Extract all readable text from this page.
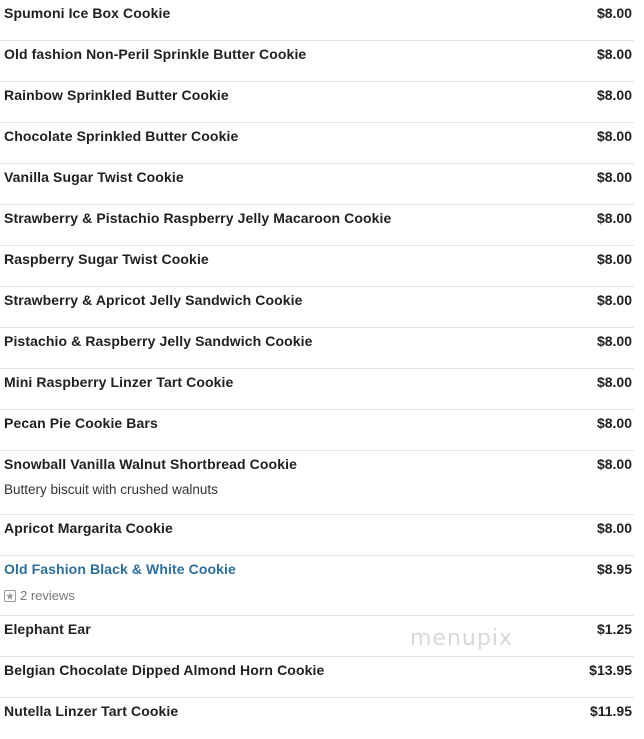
Spumoni Ice Box Cookie	$8.00
Old fashion Non-Peril Sprinkle Butter Cookie	$8.00
Rainbow Sprinkled Butter Cookie	$8.00
Chocolate Sprinkled Butter Cookie	$8.00
Vanilla Sugar Twist Cookie	$8.00
Strawberry & Pistachio Raspberry Jelly Macaroon Cookie	$8.00
Raspberry Sugar Twist Cookie	$8.00
Strawberry & Apricot Jelly Sandwich Cookie	$8.00
Pistachio & Raspberry Jelly Sandwich Cookie	$8.00
Mini Raspberry Linzer Tart Cookie	$8.00
Pecan Pie Cookie Bars	$8.00
Snowball Vanilla Walnut Shortbread Cookie	$8.00
Buttery biscuit with crushed walnuts
Apricot Margarita Cookie	$8.00
Old Fashion Black & White Cookie	$8.95
2 reviews
Elephant Ear	$1.25
Belgian Chocolate Dipped Almond Horn Cookie	$13.95
Nutella Linzer Tart Cookie	$11.95
menupix
